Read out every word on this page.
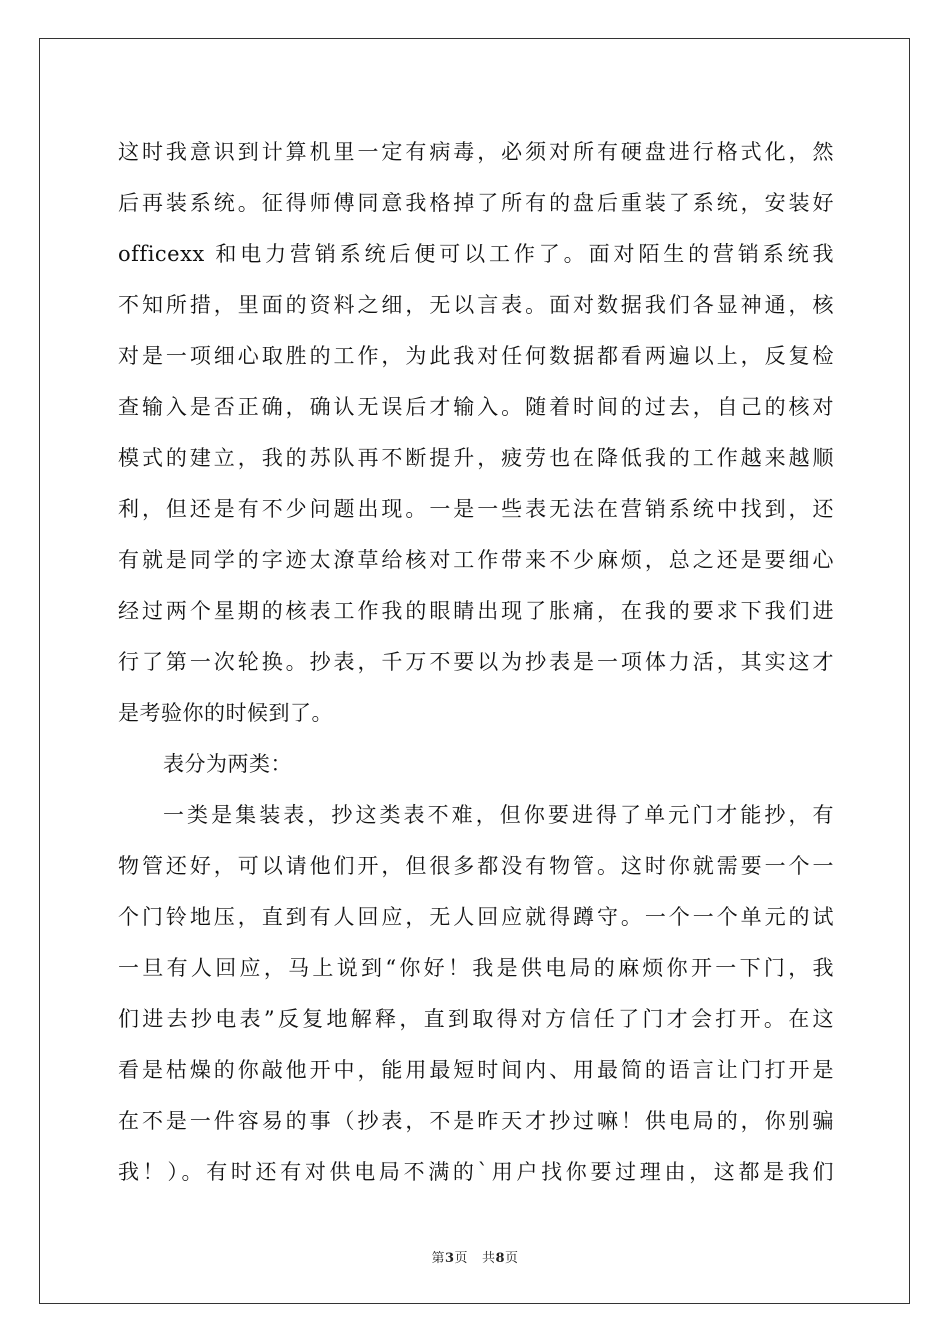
这时我意识到计算机里一定有病毒，必须对所有硬盘进行格式化，然
后再装系统。征得师傅同意我格掉了所有的盘后重装了系统，安装好
officexx 和电力营销系统后便可以工作了。面对陌生的营销系统我
不知所措，里面的资料之细，无以言表。面对数据我们各显神通，核
对是一项细心取胜的工作，为此我对任何数据都看两遍以上，反复检
查输入是否正确，确认无误后才输入。随着时间的过去，自己的核对
模式的建立，我的苏队再不断提升，疲劳也在降低我的工作越来越顺
利，但还是有不少问题出现。一是一些表无法在营销系统中找到，还
有就是同学的字迹太潦草给核对工作带来不少麻烦，总之还是要细心
经过两个星期的核表工作我的眼睛出现了胀痛，在我的要求下我们进
行了第一次轮换。抄表，千万不要以为抄表是一项体力活，其实这才
是考验你的时候到了。
表分为两类：
一类是集装表，抄这类表不难，但你要进得了单元门才能抄，有
物管还好，可以请他们开，但很多都没有物管。这时你就需要一个一
个门铃地压，直到有人回应，无人回应就得蹲守。一个一个单元的试
一旦有人回应，马上说到“你好！我是供电局的麻烦你开一下门，我
们进去抄电表”反复地解释，直到取得对方信任了门才会打开。在这
看是枯燥的你敲他开中，能用最短时间内、用最简的语言让门打开是
在不是一件容易的事（抄表，不是昨天才抄过嘛！供电局的，你别骗
我！）。有时还有对供电局不满的`用户找你要过理由，这都是我们
第3页 共8页
